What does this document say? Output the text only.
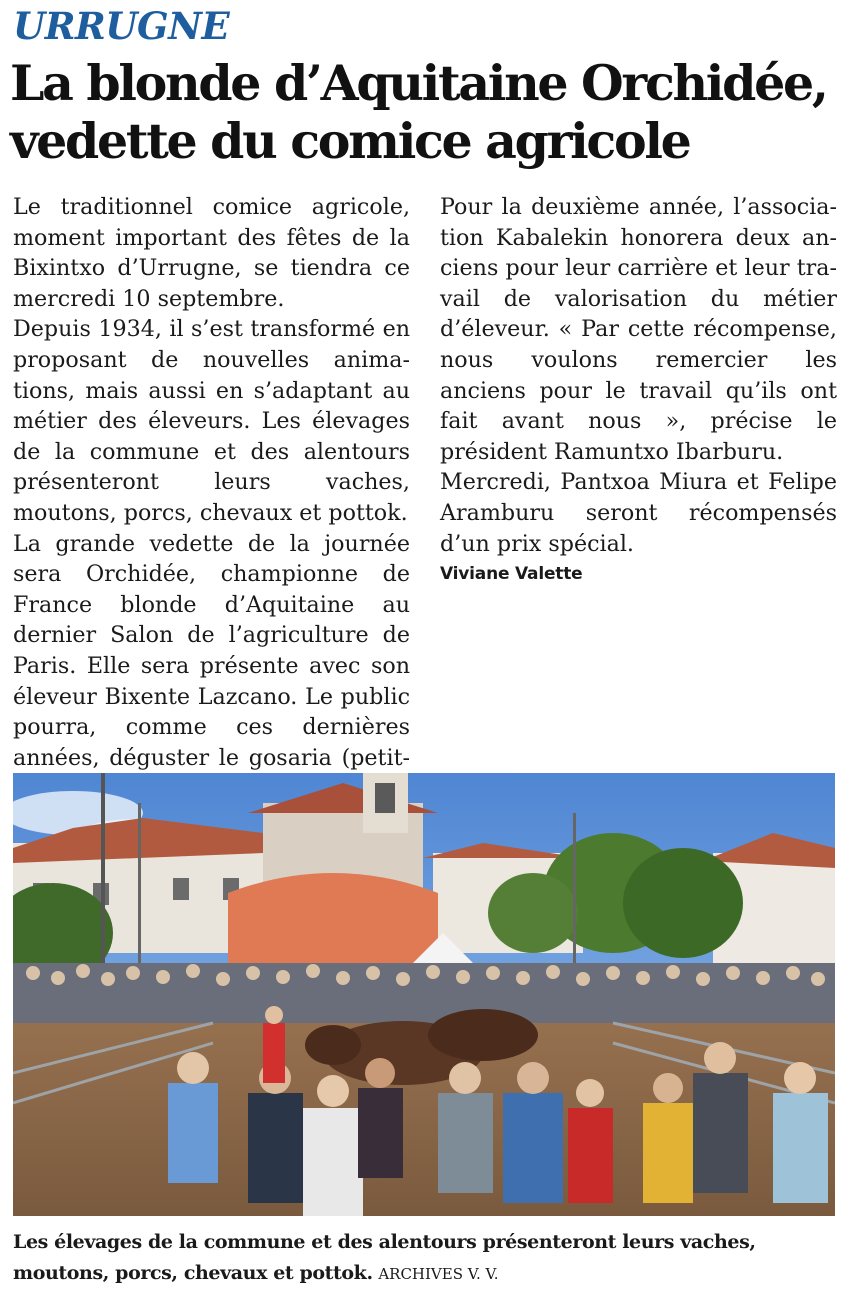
URRUGNE
La blonde d’Aquitaine Orchidée, vedette du comice agricole

Le traditionnel comice agricole, moment important des fêtes de la Bixintxo d’Urrugne, se tiendra ce mercredi 10 septembre.

Depuis 1934, il s’est transformé en proposant de nouvelles animations, mais aussi en s’adaptant au métier des éleveurs. Les élevages de la commune et des alentours présenteront leurs vaches, moutons, porcs, chevaux et pottok.

La grande vedette de la journée sera Orchidée, championne de France blonde d’Aquitaine au dernier Salon de l’agriculture de Paris. Elle sera présente avec son éleveur Bixente Lazcano. Le public pourra, comme ces dernières années, déguster le gosaria (petit-

Pour la deuxième année, l’association Kabalekin honorera deux anciens pour leur carrière et leur travail de valorisation du métier d’éleveur. « Par cette récompense, nous voulons remercier les anciens pour le travail qu’ils ont fait avant nous », précise le président Ramuntxo Ibarburu.

Mercredi, Pantxoa Miura et Felipe Aramburu seront récompensés d’un prix spécial.

Viviane Valette

Les élevages de la commune et des alentours présenteront leurs vaches, moutons, porcs, chevaux et pottok. ARCHIVES V. V.
